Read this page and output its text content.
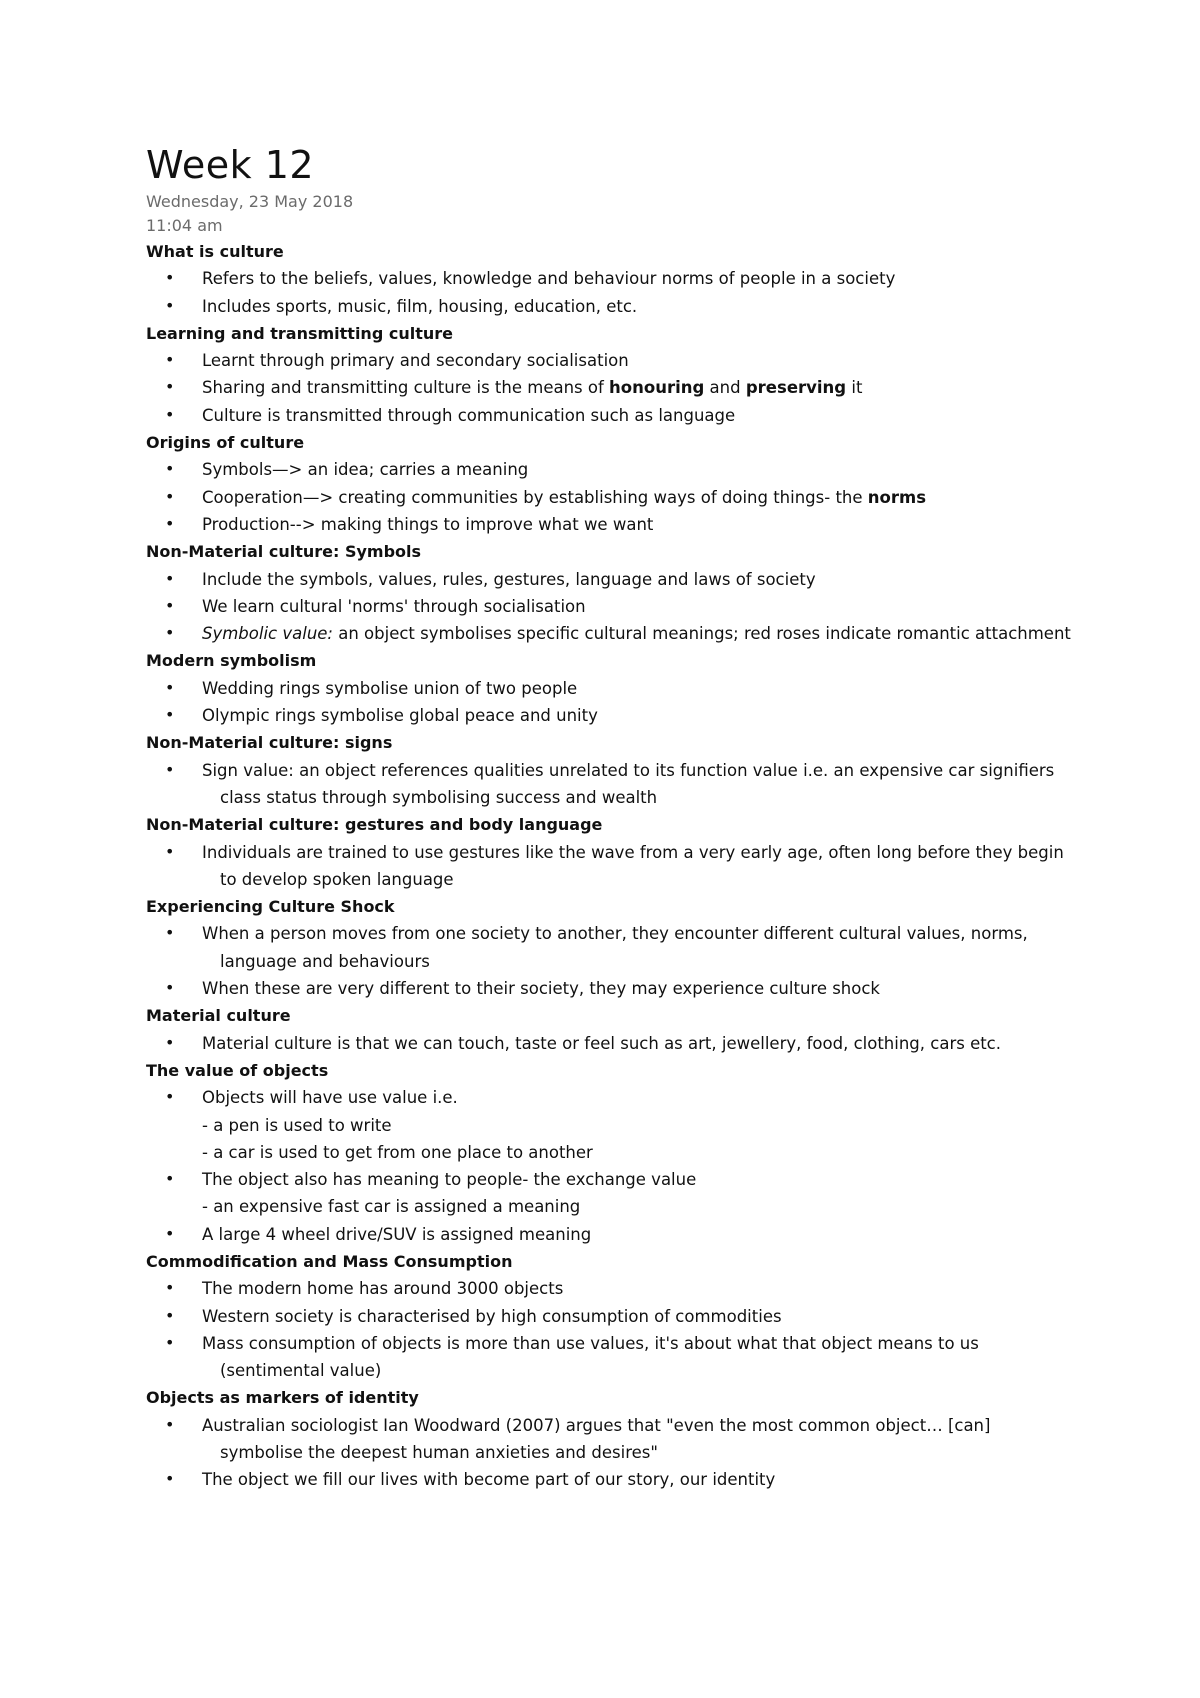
Week 12
Wednesday, 23 May 2018
11:04 am
What is culture
• Refers to the beliefs, values, knowledge and behaviour norms of people in a society
• Includes sports, music, film, housing, education, etc.
Learning and transmitting culture
• Learnt through primary and secondary socialisation
• Sharing and transmitting culture is the means of honouring and preserving it
• Culture is transmitted through communication such as language
Origins of culture
• Symbols—> an idea; carries a meaning
• Cooperation—> creating communities by establishing ways of doing things- the norms
• Production--> making things to improve what we want
Non-Material culture: Symbols
• Include the symbols, values, rules, gestures, language and laws of society
• We learn cultural 'norms' through socialisation
• Symbolic value: an object symbolises specific cultural meanings; red roses indicate romantic attachment
Modern symbolism
• Wedding rings symbolise union of two people
• Olympic rings symbolise global peace and unity
Non-Material culture: signs
• Sign value: an object references qualities unrelated to its function value i.e. an expensive car signifiers class status through symbolising success and wealth
Non-Material culture: gestures and body language
• Individuals are trained to use gestures like the wave from a very early age, often long before they begin to develop spoken language
Experiencing Culture Shock
• When a person moves from one society to another, they encounter different cultural values, norms, language and behaviours
• When these are very different to their society, they may experience culture shock
Material culture
• Material culture is that we can touch, taste or feel such as art, jewellery, food, clothing, cars etc.
The value of objects
• Objects will have use value i.e.
- a pen is used to write
- a car is used to get from one place to another
• The object also has meaning to people- the exchange value
- an expensive fast car is assigned a meaning
• A large 4 wheel drive/SUV is assigned meaning
Commodification and Mass Consumption
• The modern home has around 3000 objects
• Western society is characterised by high consumption of commodities
• Mass consumption of objects is more than use values, it's about what that object means to us (sentimental value)
Objects as markers of identity
• Australian sociologist Ian Woodward (2007) argues that "even the most common object… [can] symbolise the deepest human anxieties and desires"
• The object we fill our lives with become part of our story, our identity
